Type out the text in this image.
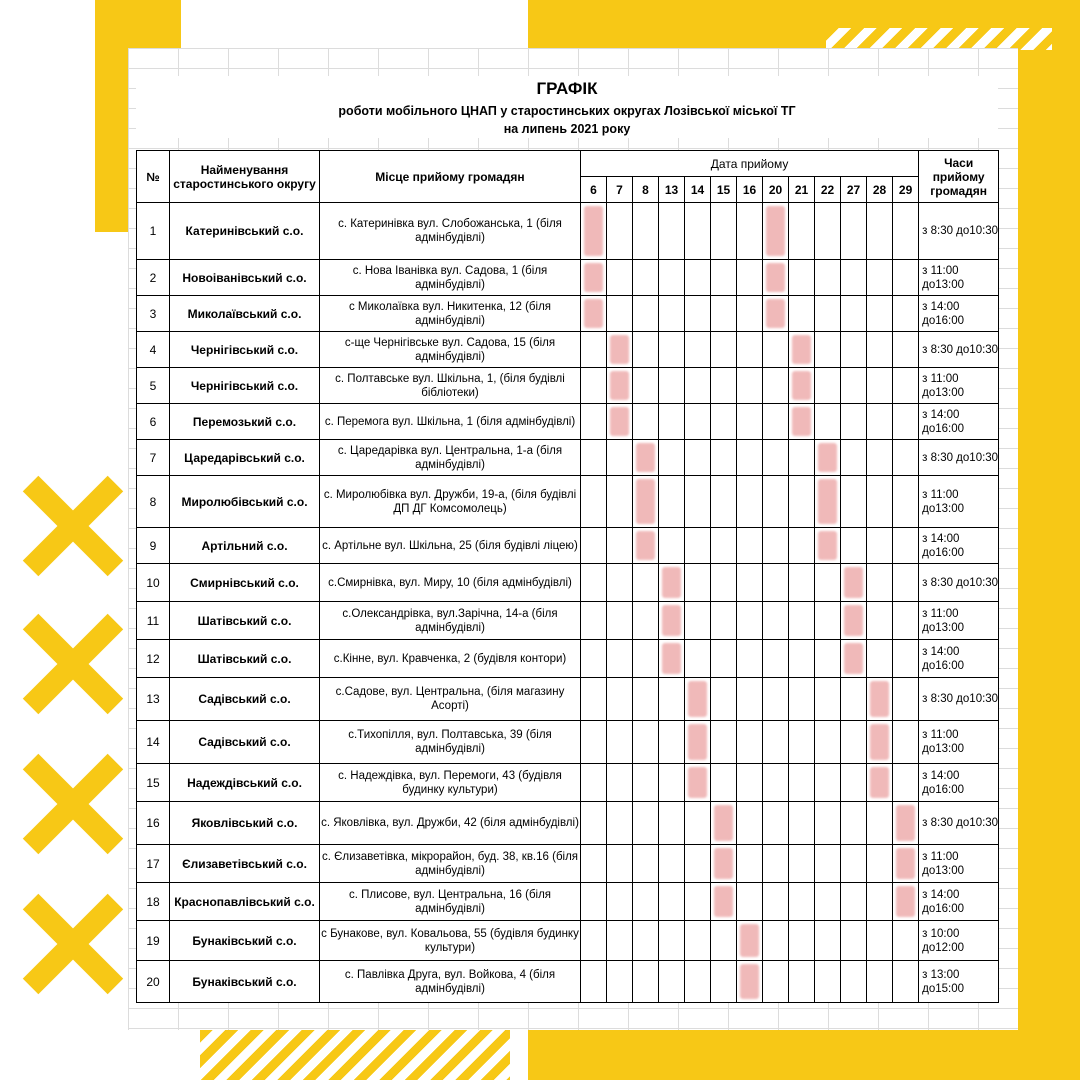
ГРАФІК
роботи мобільного ЦНАП у старостинських округах Лозівської міської ТГ
на липень 2021 року
№	Найменування старостинського округу	Місце прийому громадян	Дата прийому													Часи прийому громадян
			6	7	8	13	14	15	16	20	21	22	27	28	29	
1	Катеринівський с.о.	с. Катеринівка вул. Слобожанська, 1 (біля адмінбудівлі)														з 8:30 до10:30
2	Новоіванівський с.о.	с. Нова Іванівка вул. Садова, 1 (біля адмінбудівлі)														з 11:00 до13:00
3	Миколаївський с.о.	с Миколаївка вул. Никитенка, 12 (біля адмінбудівлі)														з 14:00 до16:00
4	Чернігівський с.о.	с-ще Чернігівське вул. Садова, 15 (біля адмінбудівлі)														з 8:30 до10:30
5	Чернігівський с.о.	с. Полтавське вул. Шкільна, 1, (біля будівлі бібліотеки)														з 11:00 до13:00
6	Перемозький с.о.	с. Перемога вул. Шкільна, 1 (біля адмінбудівлі)														з 14:00 до16:00
7	Царедарівський с.о.	с. Царедарівка вул. Центральна, 1-а (біля адмінбудівлі)														з 8:30 до10:30
8	Миролюбівський с.о.	с. Миролюбівка вул. Дружби, 19-а, (біля будівлі ДП ДГ Комсомолець)														з 11:00 до13:00
9	Артільний с.о.	с. Артільне вул. Шкільна, 25 (біля будівлі ліцею)														з 14:00 до16:00
10	Смирнівський с.о.	с.Смирнівка, вул. Миру, 10 (біля адмінбудівлі)														з 8:30 до10:30
11	Шатівський с.о.	с.Олександрівка, вул.Зарічна, 14-а (біля адмінбудівлі)														з 11:00 до13:00
12	Шатівський с.о.	с.Кінне, вул. Кравченка, 2 (будівля контори)														з 14:00 до16:00
13	Садівський с.о.	с.Садове, вул. Центральна, (біля магазину Асорті)														з 8:30 до10:30
14	Садівський с.о.	с.Тихопілля, вул. Полтавська, 39 (біля адмінбудівлі)														з 11:00 до13:00
15	Надеждівський с.о.	с. Надеждівка, вул. Перемоги, 43 (будівля будинку культури)														з 14:00 до16:00
16	Яковлівський с.о.	с. Яковлівка, вул. Дружби, 42 (біля адмінбудівлі)														з 8:30 до10:30
17	Єлизаветівський с.о.	с. Єлизаветівка, мікрорайон, буд. 38, кв.16 (біля адмінбудівлі)														з 11:00 до13:00
18	Краснопавлівський с.о.	с. Плисове, вул. Центральна, 16 (біля адмінбудівлі)														з 14:00 до16:00
19	Бунаківський с.о.	с Бунакове, вул. Ковальова, 55 (будівля будинку культури)														з 10:00 до12:00
20	Бунаківський с.о.	с. Павлівка Друга, вул. Войкова, 4 (біля адмінбудівлі)														з 13:00 до15:00
